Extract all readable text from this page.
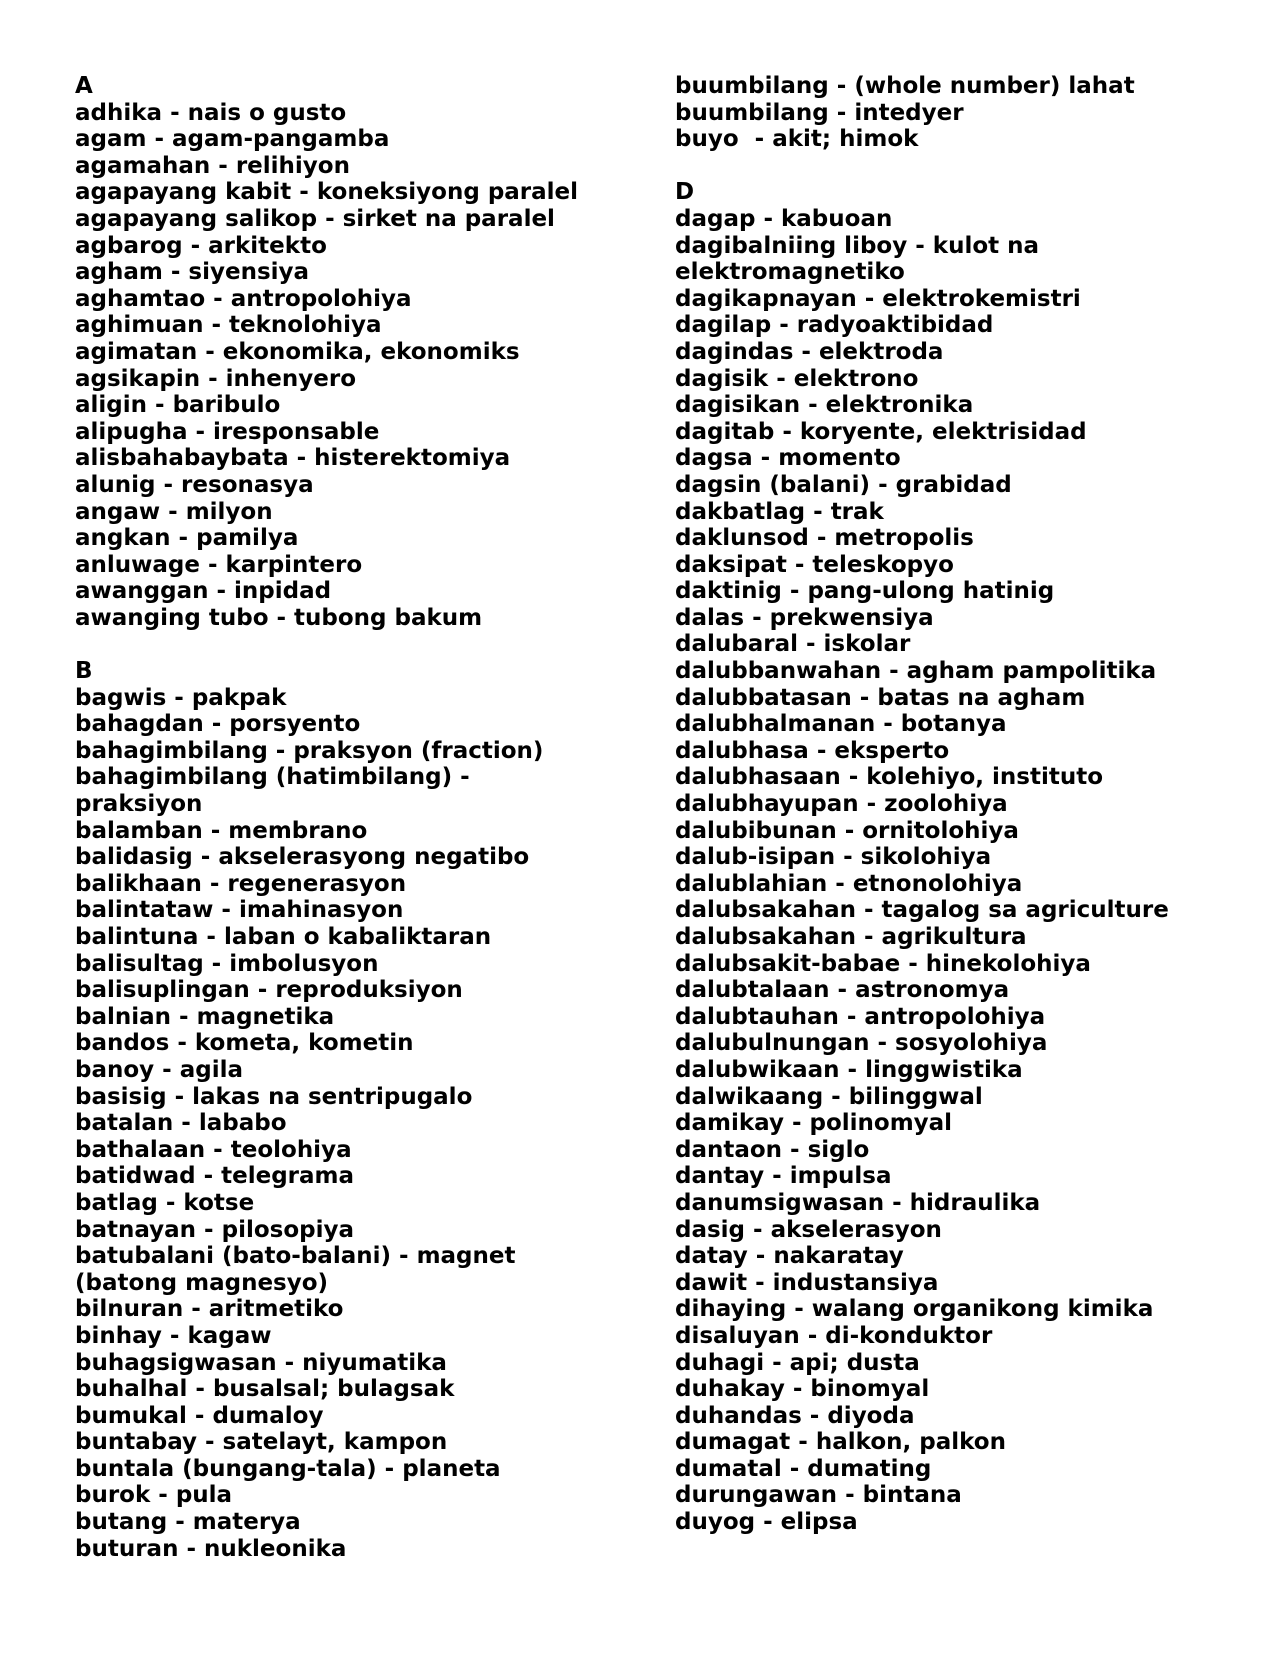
A
adhika - nais o gusto
agam - agam-pangamba
agamahan - relihiyon
agapayang kabit - koneksiyong paralel
agapayang salikop - sirket na paralel
agbarog - arkitekto
agham - siyensiya
aghamtao - antropolohiya
aghimuan - teknolohiya
agimatan - ekonomika, ekonomiks
agsikapin - inhenyero
aligin - baribulo
alipugha - iresponsable
alisbahabaybata - histerektomiya
alunig - resonasya
angaw - milyon
angkan - pamilya
anluwage - karpintero
awanggan - inpidad
awanging tubo - tubong bakum
B
bagwis - pakpak
bahagdan - porsyento
bahagimbilang - praksyon (fraction)
bahagimbilang (hatimbilang) -
praksiyon
balamban - membrano
balidasig - akselerasyong negatibo
balikhaan - regenerasyon
balintataw - imahinasyon
balintuna - laban o kabaliktaran
balisultag - imbolusyon
balisuplingan - reproduksiyon
balnian - magnetika
bandos - kometa, kometin
banoy - agila
basisig - lakas na sentripugalo
batalan - lababo
bathalaan - teolohiya
batidwad - telegrama
batlag - kotse
batnayan - pilosopiya
batubalani (bato-balani) - magnet
(batong magnesyo)
bilnuran - aritmetiko
binhay - kagaw
buhagsigwasan - niyumatika
buhalhal - busalsal; bulagsak
bumukal - dumaloy
buntabay - satelayt, kampon
buntala (bungang-tala) - planeta
burok - pula
butang - materya
buturan - nukleonika
buumbilang - (whole number) lahat
buumbilang - intedyer
buyo  - akit; himok
D
dagap - kabuoan
dagibalniing liboy - kulot na
elektromagnetiko
dagikapnayan - elektrokemistri
dagilap - radyoaktibidad
dagindas - elektroda
dagisik - elektrono
dagisikan - elektronika
dagitab - koryente, elektrisidad
dagsa - momento
dagsin (balani) - grabidad
dakbatlag - trak
daklunsod - metropolis
daksipat - teleskopyo
daktinig - pang-ulong hatinig
dalas - prekwensiya
dalubaral - iskolar
dalubbanwahan - agham pampolitika
dalubbatasan - batas na agham
dalubhalmanan - botanya
dalubhasa - eksperto
dalubhasaan - kolehiyo, instituto
dalubhayupan - zoolohiya
dalubibunan - ornitolohiya
dalub-isipan - sikolohiya
dalublahian - etnonolohiya
dalubsakahan - tagalog sa agriculture
dalubsakahan - agrikultura
dalubsakit-babae - hinekolohiya
dalubtalaan - astronomya
dalubtauhan - antropolohiya
dalubulnungan - sosyolohiya
dalubwikaan - linggwistika
dalwikaang - bilinggwal
damikay - polinomyal
dantaon - siglo
dantay - impulsa
danumsigwasan - hidraulika
dasig - akselerasyon
datay - nakaratay
dawit - industansiya
dihaying - walang organikong kimika
disaluyan - di-konduktor
duhagi - api; dusta
duhakay - binomyal
duhandas - diyoda
dumagat - halkon, palkon
dumatal - dumating
durungawan - bintana
duyog - elipsa
